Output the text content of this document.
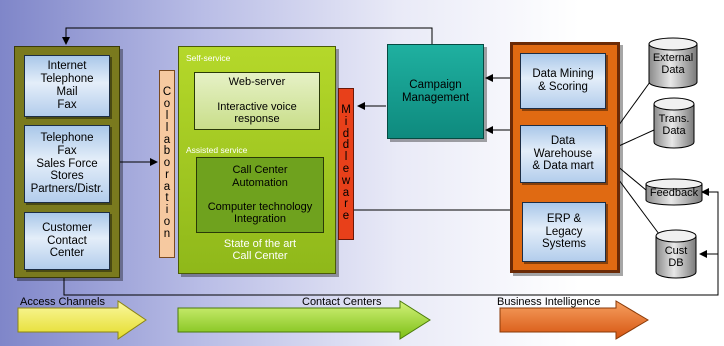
Internet
Telephone
Mail
Fax
Telephone
Fax
Sales Force
Stores
Partners/Distr.
Customer
Contact
Center
C
o
l
l
a
b
o
r
a
t
i
o
n
Self-service
Web-server

Interactive voice
response
Assisted service
Call Center
Automation

Computer technology
Integration
State of the art
Call Center
M
i
d
d
l
e
w
a
r
e
Campaign
Management
Data Mining
& Scoring
Data
Warehouse
& Data mart
ERP &
Legacy
Systems
External
Data
Trans.
Data
Feedback
Cust
DB
Access Channels	Contact Centers	Business Intelligence
